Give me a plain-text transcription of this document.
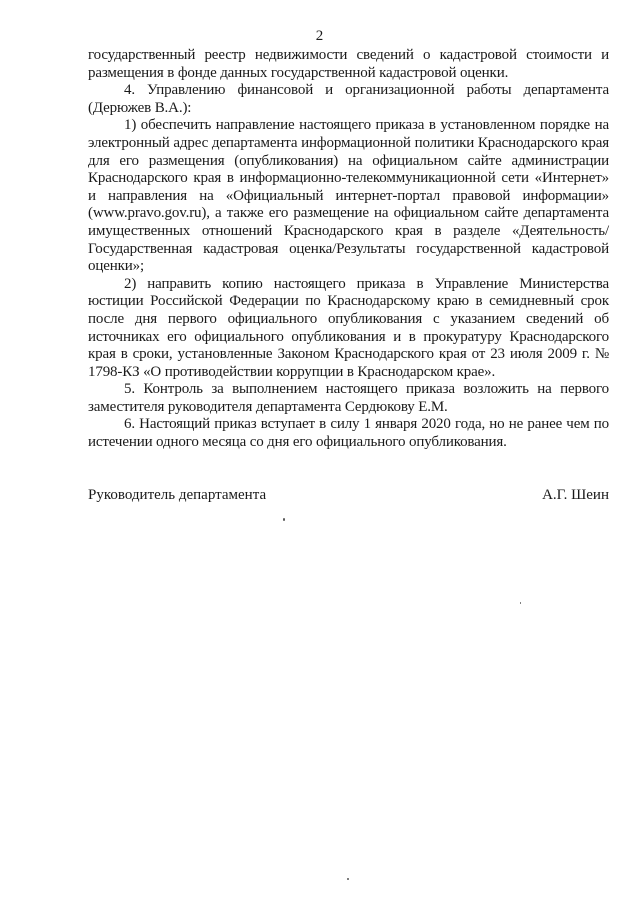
2

государственный реестр недвижимости сведений о кадастровой стоимости и размещения в фонде данных государственной кадастровой оценки.

4. Управлению финансовой и организационной работы департамента (Дерюжев В.А.):

1) обеспечить направление настоящего приказа в установленном порядке на электронный адрес департамента информационной политики Краснодарского края для его размещения (опубликования) на официальном сайте администрации Краснодарского края в информационно-телекоммуникационной сети «Интернет» и направления на «Официальный интернет-портал правовой информации» (www.pravo.gov.ru), а также его размещение на официальном сайте департамента имущественных отношений Краснодарского края в разделе «Деятельность/Государственная кадастровая оценка/Результаты государственной кадастровой оценки»;

2) направить копию настоящего приказа в Управление Министерства юстиции Российской Федерации по Краснодарскому краю в семидневный срок после дня первого официального опубликования с указанием сведений об источниках его официального опубликования и в прокуратуру Краснодарского края в сроки, установленные Законом Краснодарского края от 23 июля 2009 г. № 1798-КЗ «О противодействии коррупции в Краснодарском крае».

5. Контроль за выполнением настоящего приказа возложить на первого заместителя руководителя департамента Сердюкову Е.М.

6. Настоящий приказ вступает в силу 1 января 2020 года, но не ранее чем по истечении одного месяца со дня его официального опубликования.

Руководитель департамента	А.Г. Шеин
